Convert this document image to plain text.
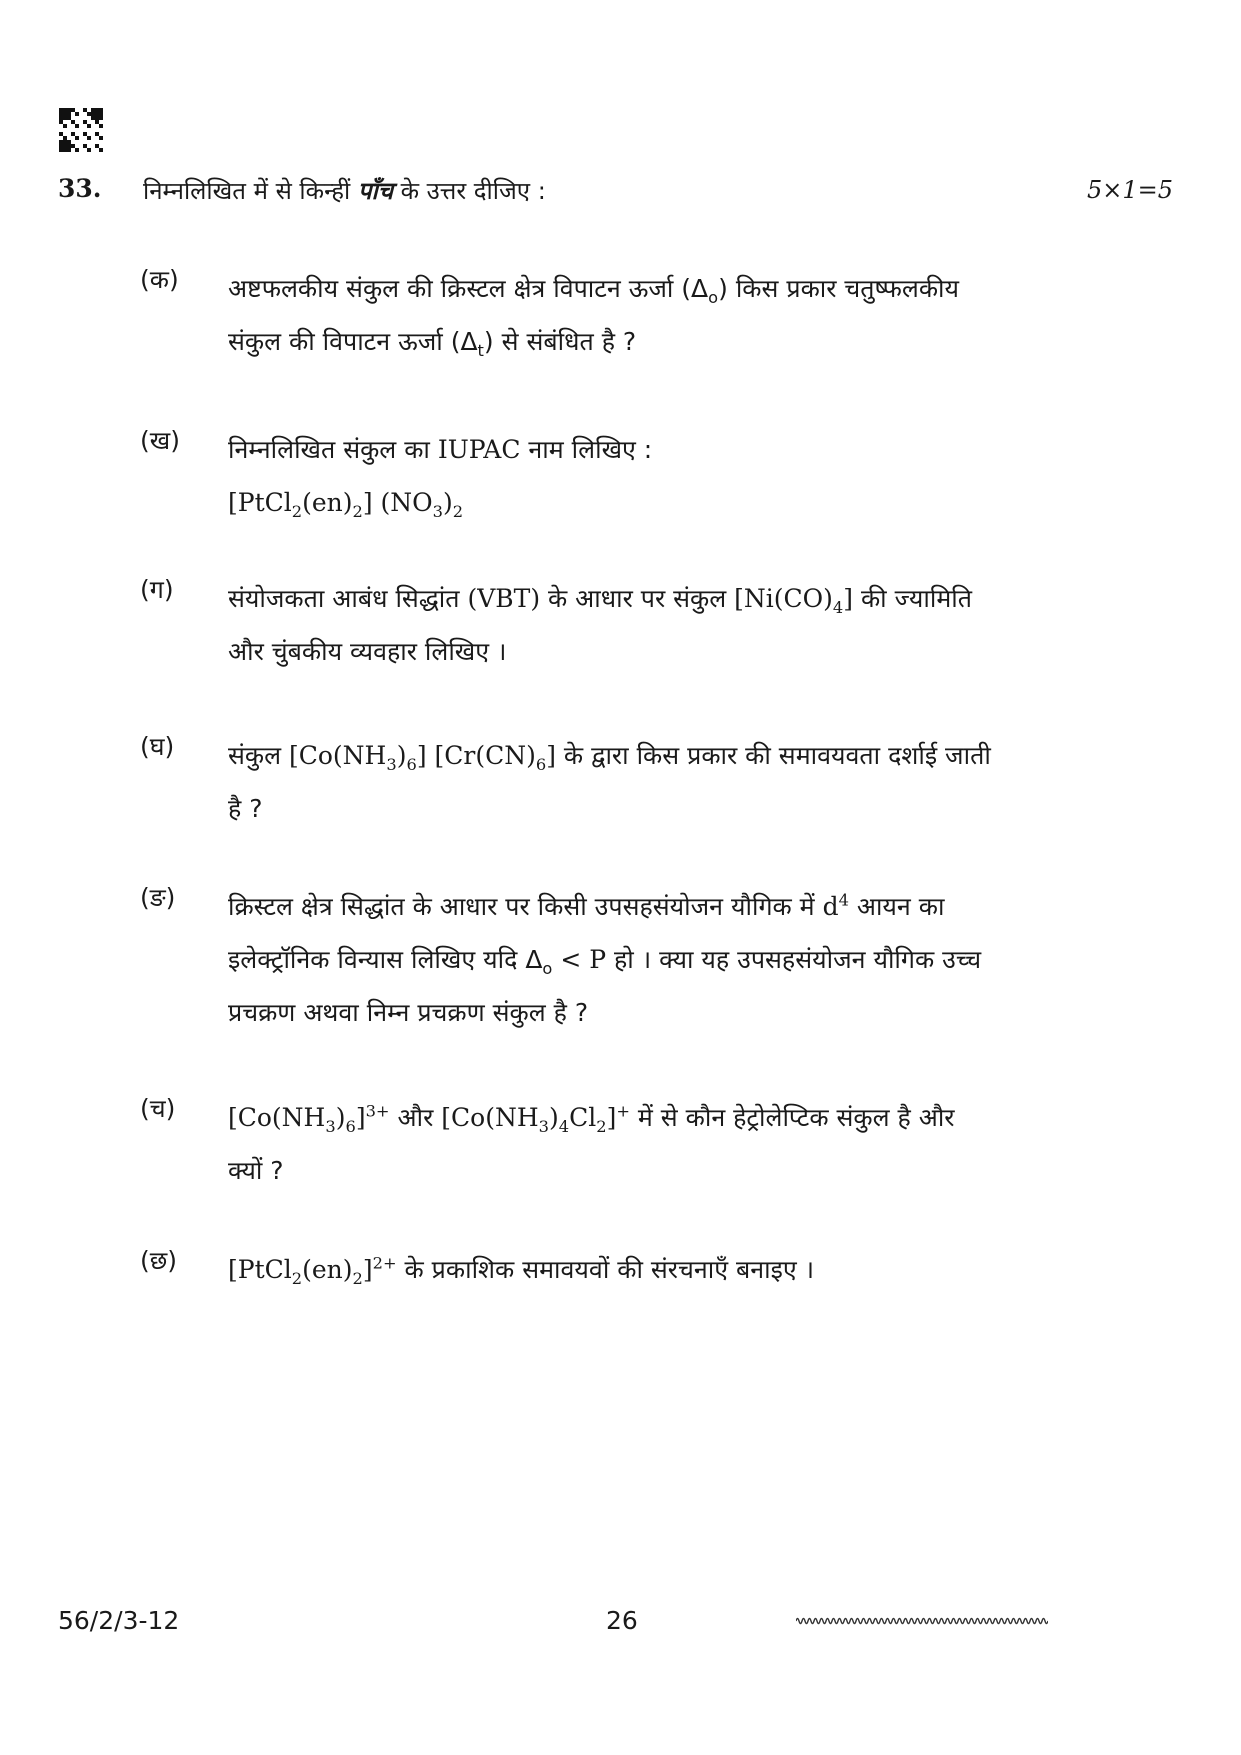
33. निम्नलिखित में से किन्हीं पाँच के उत्तर दीजिए :	5×1=5
(क) अष्टफलकीय संकुल की क्रिस्टल क्षेत्र विपाटन ऊर्जा $(\Delta_o)$ किस प्रकार चतुष्फलकीय

संकुल की विपाटन ऊर्जा $(\Delta_t)$ से संबंधित है ?

(ख) निम्नलिखित संकुल का IUPAC नाम लिखिए :

$[PtCl_2(en)_2]$ $(NO_3)_2$

(ग) संयोजकता आबंध सिद्धांत (VBT) के आधार पर संकुल $[Ni(CO)_4]$ की ज्यामिति

और चुंबकीय व्यवहार लिखिए ।

(घ) संकुल $[Co(NH_3)_6]$ $[Cr(CN)_6]$ के द्वारा किस प्रकार की समावयवता दर्शाई जाती

है ?

(ङ) क्रिस्टल क्षेत्र सिद्धांत के आधार पर किसी उपसहसंयोजन यौगिक में $d^4$ आयन का

इलेक्ट्रॉनिक विन्यास लिखिए यदि $\Delta_o < P$ हो । क्या यह उपसहसंयोजन यौगिक उच्च

प्रचक्रण अथवा निम्न प्रचक्रण संकुल है ?

(च) $[Co(NH_3)_6]^{3+}$ और $[Co(NH_3)_4Cl_2]^+$ में से कौन हेट्रोलेप्टिक संकुल है और

क्यों ?

(छ) $[PtCl_2(en)_2]^{2+}$ के प्रकाशिक समावयवों की संरचनाएँ बनाइए ।

56/2/3-12	26
